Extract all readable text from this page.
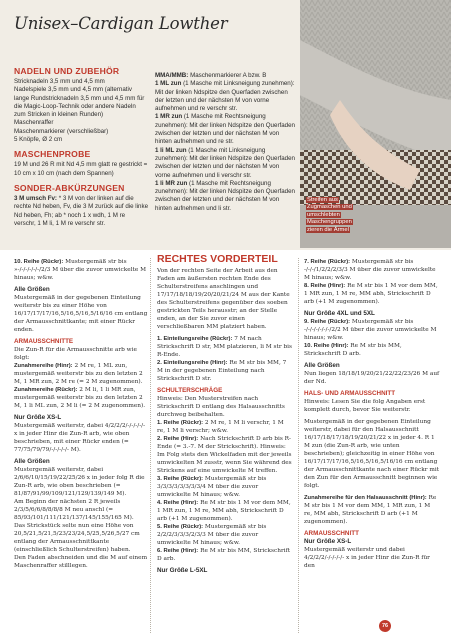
Unisex–Cardigan Lowther
NADELN UND ZUBEHÖR
Stricknadeln 3,5 mm und 4,5 mm
Nadelspiele 3,5 mm und 4,5 mm (alternativ lange Rundstricknadeln 3,5 mm und 4,5 mm für die Magic-Loop-Technik oder andere Nadeln zum Stricken in kleinen Runden)
Maschenraffer
Maschenmarkierer (verschließbar)
5 Knöpfe, Ø 2 cm
MASCHENPROBE
19 M und 26 R mit Nd 4,5 mm glatt re gestrickt = 10 cm x 10 cm (nach dem Spannen)
SONDER-ABKÜRZUNGEN
3 M umsch Fv: * 3 M von der linken auf die rechte Nd heben, Fv, die 3 M zurück auf die linke Nd heben, Fh; ab * noch 1 x wdh, 1 M re verschr, 1 M li, 1 M re verschr str.
MMA/MMB: Maschenmarkierer A bzw. B
1 ML zun (1 Masche mit Linksneigung zunehmen): Mit der linken Ndspitze den Querfaden zwischen der letzten und der nächsten M von vorne aufnehmen und re verschr str.
1 MR zun (1 Masche mit Rechtsneigung zunehmen): Mit der linken Ndspitze den Querfaden zwischen der letzten und der nächsten M von hinten aufnehmen und re str.
1 li ML zun (1 Masche mit Linksneigung zunehmen): Mit der linken Ndspitze den Querfaden zwischen der letzten und der nächsten M von vorne aufnehmen und li verschr str.
1 li MR zun (1 Masche mit Rechtsneigung zunehmen): Mit der linken Ndspitze den Querfaden zwischen der letzten und der nächsten M von hinten aufnehmen und li str.
Streifen aus
Zugmaschen und
umschlebten
Maschengruppen
zieren die Ärmel

10. Reihe (Rückr): Mustergemäß str bis »-/-/-/-/-/-/2/3 M über die zuvor umwickelte M hinaus; w&w.

Alle Größen

Mustergemäß in der gegebenen Einteilung weiterstr bis zu einer Höhe von 16/17/17/17/16,5/16,5/16,5/16/16 cm entlang der Armausschnittkante; mit einer Rückr enden.

ARMAUSSCHNITTE

Die Zun-R für die Armausschnitte arb wie folgt:

Zunahmereihe (Hinr): 2 M re, 1 ML zun, mustergemäß weiterstr bis zu den letzten 2 M, 1 MR zun, 2 M re (= 2 M zugenommen).

Zunahmereihe (Rückr): 2 M li, 1 li MR zun, mustergemäß weiterstr bis zu den letzten 2 M, 1 li ML zun, 2 M li (= 2 M zugenommen).

Nur Größe XS-L

Mustergemäß weiterstr, dabei 4/2/2/2/-/-/-/-/- x in jeder Hinr die Zun-R arb, wie oben beschrieben, mit einer Rückr enden (= 77/75/79/79/-/-/-/-/- M).

Alle Größen

Mustergemäß weiterstr, dabei 2/6/6/10/15/19/22/25/26 x in jeder folg R die Zun-R arb, wie oben beschrieben (= 81/87/91/99/109/121/129/139/149 M).

Am Beginn der nächsten 2 R jeweils 2/3/5/6/6/8/8/8/8 M neu anschl (= 85/93/101/111/121/137/145/155/165 M).

Das Strickstück selte nun eine Höhe von 20,5/21,5/21,5/23/23/24,5/25,5/26,5/27 cm entlang der Armausschnittkante (einschließlich Schulterstreifen) haben.

Den Faden abschneiden und die M auf einem Maschenraffer stilllegen.

RECHTES VORDERTEIL

Von der rechten Seite der Arbeit aus den Faden am äußersten rechten Ende des Schulterstreifens anschlingen und 17/17/18/18/19/20/20/21/24 M aus der Kante des Schulterstreifens gegenüber des soeben gestrickten Teils herausstr; an der Stelle enden, an der Sie zuvor einen verschließbaren MM platziert haben.

1. Einteilungsreihe (Rückr): 7 M nach Strickschrift D str, MM platzieren, li M str bis R-Ende.

2. Einteilungsreihe (Hinr): Re M str bis MM, 7 M in der gegebenen Einteilung nach Strickschrift D str.

SCHULTERSCHRÄGE

Hinweis: Den Musterstreifen nach Strickschrift D entlang des Halsausschnitts durchweg beibehalten.

1. Reihe (Rückr): 2 M re, 1 M li verschr, 1 M re, 1 M li verschr; w&w.

2. Reihe (Hinr): Nach Strickschrift D arb bis R-Ende (= 3.-7. M der Strickschrift). Hinweis: Im Folg stets den Wickelfaden mit der jeweils umwickelten M zusstr, wenn Sie während des Strickens auf eine umwickelte M treffen.

3. Reihe (Rückr): Mustergemäß str bis 3/3/3/3/3/3/3/3/4 M über die zuvor umwickelte M hinaus; w&w.

4. Reihe (Hinr): Re M str bis 1 M vor dem MM, 1 MR zun, 1 M re, MM abh, Strickschrift D arb (+1 M zugenommen).

5. Reihe (Rückr): Mustergemäß str bis 2/2/2/3/3/3/2/3/3 M über die zuvor umwickelte M hinaus; w&w.

6. Reihe (Hinr): Re M str bis MM, Strickschrift D arb.

Nur Größe L-5XL

7. Reihe (Rückr): Mustergemäß str bis -/-/-/1/2/2/2/3/3 M über die zuvor umwickelte M hinaus; w&w.

8. Reihe (Hinr): Re M str bis 1 M vor dem MM, 1 MR zun, 1 M re, MM abh, Strickschrift D arb (+1 M zugenommen).

Nur Größe 4XL und 5XL

9. Reihe (Rückr): Mustergemäß str bis -/-/-/-/-/-/-/2/2 M über die zuvor umwickelte M hinaus; w&w.

10. Reihe (Hinr): Re M str bis MM, Strickschrift D arb.

Alle Größen

Nun liegen 18/18/19/20/21/22/22/23/26 M auf der Nd.

HALS- UND ARMAUSSCHNITT

Hinweis: Lesen Sie die folg Angaben erst komplett durch, bevor Sie weiterstr.

Mustergemäß in der gegebenen Einteilung weiterstr, dabei für den Halsausschnitt 16/17/18/17/18/19/20/21/22 x in jeder 4. R 1 M zun (die Zun-R arb, wie unten beschrieben); gleichzeitig in einer Höhe von 16/17/17/17/16,5/16,5/16,5/16/16 cm entlang der Armausschnittkante nach einer Rückr mit den Zun für den Armausschnitt beginnen wie folgt.

Zunahmereihe für den Halsausschnitt (Hinr): Re M str bis 1 M vor dem MM, 1 MR zun, 1 M re, MM abh, Strickschrift D arb (+1 M zugenommen).

ARMAUSSCHNITT
Nur Größe XS-L

Mustergemäß weiterstr und dabei 4/2/2/2/-/-/-/-/- x in jeder Hinr die Zun-R für den

76
